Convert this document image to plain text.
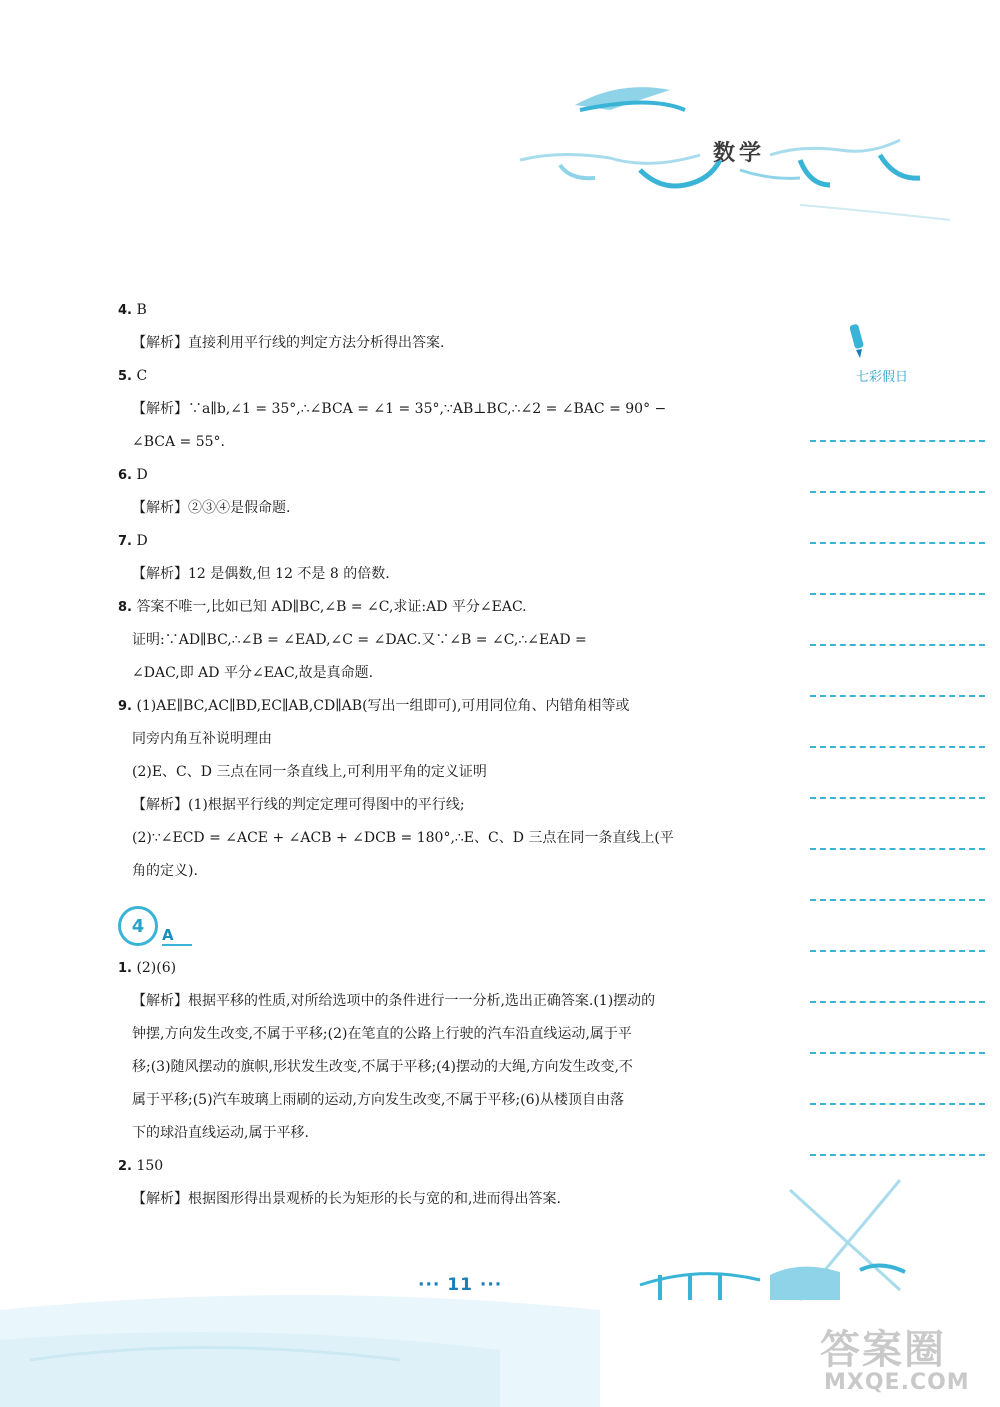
数学
七彩假日
4. B
【解析】直接利用平行线的判定方法分析得出答案.
5. C
【解析】∵a∥b,∠1 = 35°,∴∠BCA = ∠1 = 35°,∵AB⊥BC,∴∠2 = ∠BAC = 90° −
∠BCA = 55°.
6. D
【解析】②③④是假命题.
7. D
【解析】12 是偶数,但 12 不是 8 的倍数.
8. 答案不唯一,比如已知 AD∥BC,∠B = ∠C,求证:AD 平分∠EAC.
证明:∵AD∥BC,∴∠B = ∠EAD,∠C = ∠DAC.又∵∠B = ∠C,∴∠EAD =
∠DAC,即 AD 平分∠EAC,故是真命题.
9. (1)AE∥BC,AC∥BD,EC∥AB,CD∥AB(写出一组即可),可用同位角、内错角相等或
同旁内角互补说明理由
(2)E、C、D 三点在同一条直线上,可利用平角的定义证明
【解析】(1)根据平行线的判定定理可得图中的平行线;
(2)∵∠ECD = ∠ACE + ∠ACB + ∠DCB = 180°,∴E、C、D 三点在同一条直线上(平
角的定义).
4	A
1. (2)(6)
【解析】根据平移的性质,对所给选项中的条件进行一一分析,选出正确答案.(1)摆动的
钟摆,方向发生改变,不属于平移;(2)在笔直的公路上行驶的汽车沿直线运动,属于平
移;(3)随风摆动的旗帜,形状发生改变,不属于平移;(4)摆动的大绳,方向发生改变,不
属于平移;(5)汽车玻璃上雨刷的运动,方向发生改变,不属于平移;(6)从楼顶自由落
下的球沿直线运动,属于平移.
2. 150
【解析】根据图形得出景观桥的长为矩形的长与宽的和,进而得出答案.
··· 11 ···
答案圈
MXQE.COM
